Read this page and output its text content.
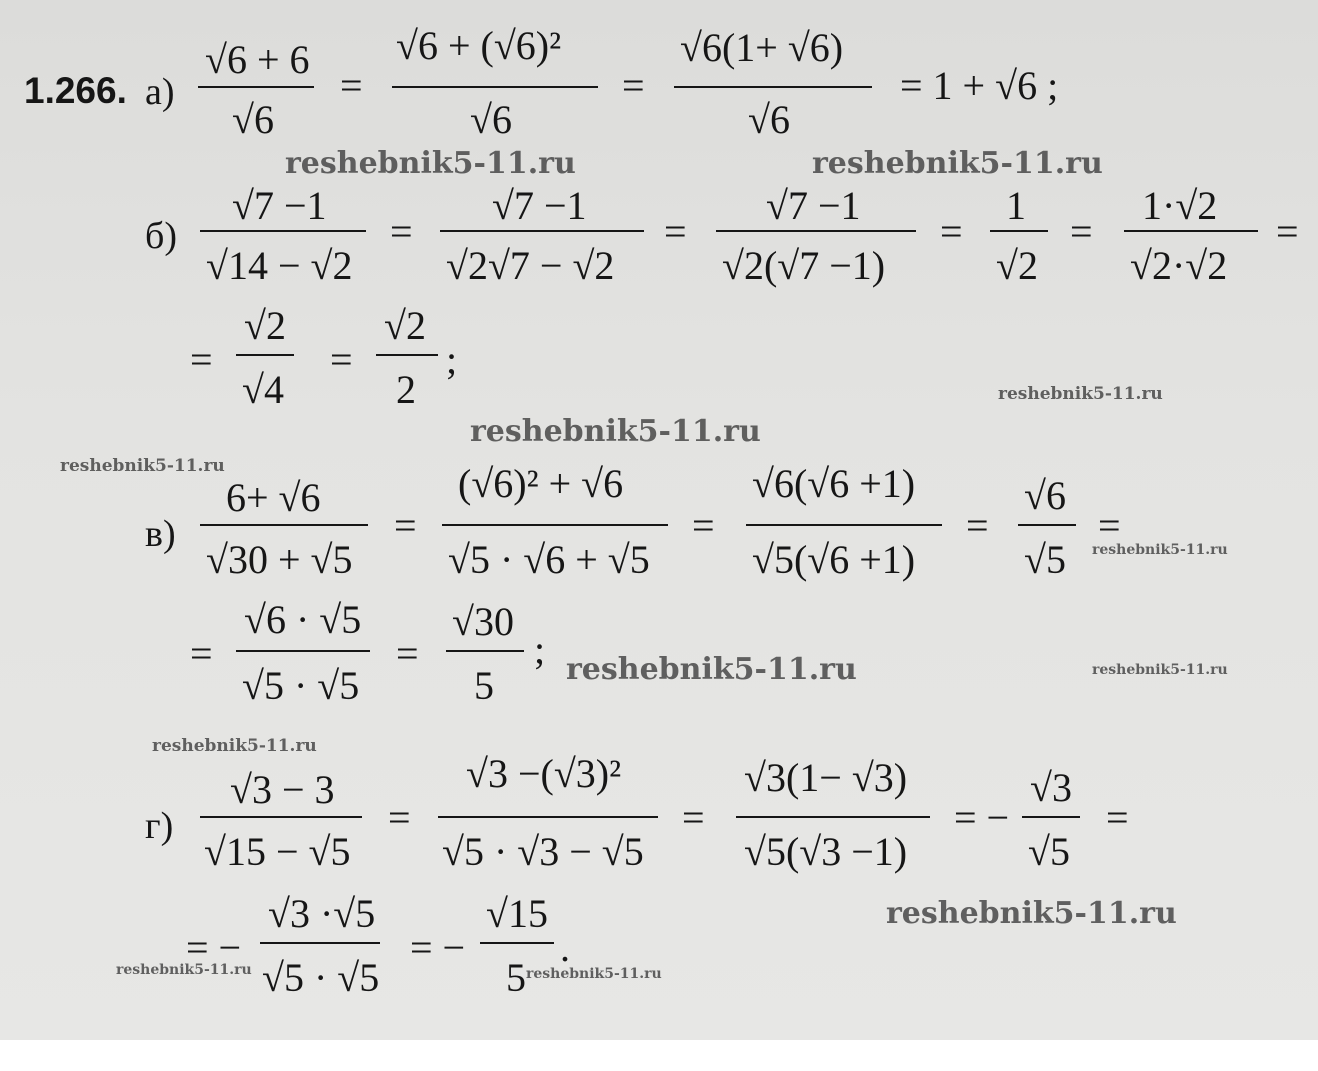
1.266. а)
√6 + 6
√6
=
√6 + (√6)²
√6
=
√6(1+ √6)
√6
= 1 + √6 ;
б)
√7 −1
√14 − √2
=
√7 −1
√2√7 − √2
=
√7 −1
√2(√7 −1)
=
1
√2
=
1·√2
√2·√2
=
=
√2
√4
=
√2
2
;
в)
6+ √6
√30 + √5
=
(√6)² + √6
√5 · √6 + √5
=
√6(√6 +1)
√5(√6 +1)
=
√6
√5
=
=
√6 · √5
√5 · √5
=
√30
5
;
г)
√3 − 3
√15 − √5
=
√3 −(√3)²
√5 · √3 − √5
=
√3(1− √3)
√5(√3 −1)
= −
√3
√5
=
= −
√3 ·√5
√5 · √5
= −
√15
5
.
reshebnik5-11.ru	reshebnik5-11.ru
reshebnik5-11.ru
reshebnik5-11.ru
reshebnik5-11.ru
reshebnik5-11.ru
reshebnik5-11.ru	reshebnik5-11.ru
reshebnik5-11.ru
reshebnik5-11.ru
reshebnik5-11.ru	reshebnik5-11.ru
